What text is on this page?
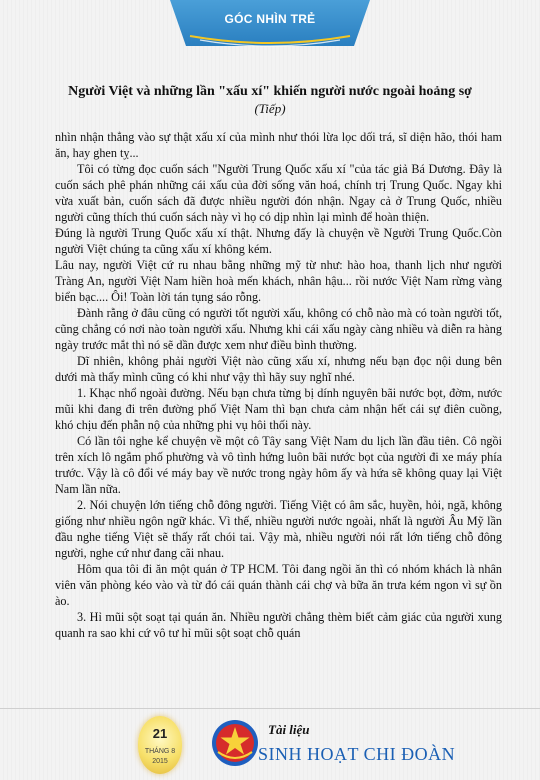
GÓC NHÌN TRẺ
Người Việt và những lần "xấu xí" khiến người nước ngoài hoảng sợ
(Tiếp)

nhìn nhận thẳng vào sự thật xấu xí của mình như thói lừa lọc dối trá, sĩ diện hão, thói ham ăn, hay ghen tỵ...

Tôi có từng đọc cuốn sách "Người Trung Quốc xấu xí "của tác giả Bá Dương. Đây là cuốn sách phê phán những cái xấu của đời sống văn hoá, chính trị Trung Quốc. Ngay khi vừa xuất bản, cuốn sách đã được nhiều người đón nhận. Ngay cả ở Trung Quốc, nhiều người cũng thích thú cuốn sách này vì họ có dịp nhìn lại mình để hoàn thiện.

Đúng là người Trung Quốc xấu xí thật. Nhưng đấy là chuyện về Người Trung Quốc.Còn người Việt chúng ta cũng xấu xí không kém.

Lâu nay, người Việt cứ ru nhau bằng những mỹ từ như: hào hoa, thanh lịch như người Tràng An, người Việt Nam hiền hoà mến khách, nhân hậu... rồi nước Việt Nam rừng vàng biển bạc.... Ôi! Toàn lời tán tụng sáo rỗng.

Đành rằng ở đâu cũng có người tốt người xấu, không có chỗ nào mà có toàn người tốt, cũng chẳng có nơi nào toàn người xấu. Nhưng khi cái xấu ngày càng nhiều và diễn ra hàng ngày trước mắt thì nó sẽ dần được xem như điều bình thường.

Dĩ nhiên, không phải người Việt nào cũng xấu xí, nhưng nếu bạn đọc nội dung bên dưới mà thấy mình cũng có khi như vậy thì hãy suy nghĩ nhé.

1. Khạc nhổ ngoài đường. Nếu bạn chưa từng bị dính nguyên bãi nước bọt, đờm, nước mũi khi đang đi trên đường phố Việt Nam thì bạn chưa cảm nhận hết cái sự điên cuồng, khó chịu đến phẫn nộ của những phi vụ hôi thối này.

Có lần tôi nghe kể chuyện về một cô Tây sang Việt Nam du lịch lần đầu tiên. Cô ngồi trên xích lô ngắm phố phường và vô tình hứng luôn bãi nước bọt của người đi xe máy phía trước. Vậy là cô đổi vé máy bay về nước trong ngày hôm ấy và hứa sẽ không quay lại Việt Nam lần nữa.

2. Nói chuyện lớn tiếng chỗ đông người. Tiếng Việt có âm sắc, huyền, hỏi, ngã, không giống như nhiều ngôn ngữ khác. Vì thế, nhiều người nước ngoài, nhất là người Âu Mỹ lần đầu nghe tiếng Việt sẽ thấy rất chói tai. Vậy mà, nhiều người nói rất lớn tiếng chỗ đông người, nghe cứ như đang cãi nhau.

Hôm qua tôi đi ăn một quán ở TP HCM. Tôi đang ngồi ăn thì có nhóm khách là nhân viên văn phòng kéo vào và từ đó cái quán thành cái chợ và bữa ăn trưa kém ngon vì sự ồn ào.

3. Hỉ mũi sột soạt tại quán ăn. Nhiều người chẳng thèm biết cảm giác của người xung quanh ra sao khi cứ vô tư hỉ mũi sột soạt chỗ quán

21
THÁNG 8
2015
Tài liệu
SINH HOẠT CHI ĐOÀN
